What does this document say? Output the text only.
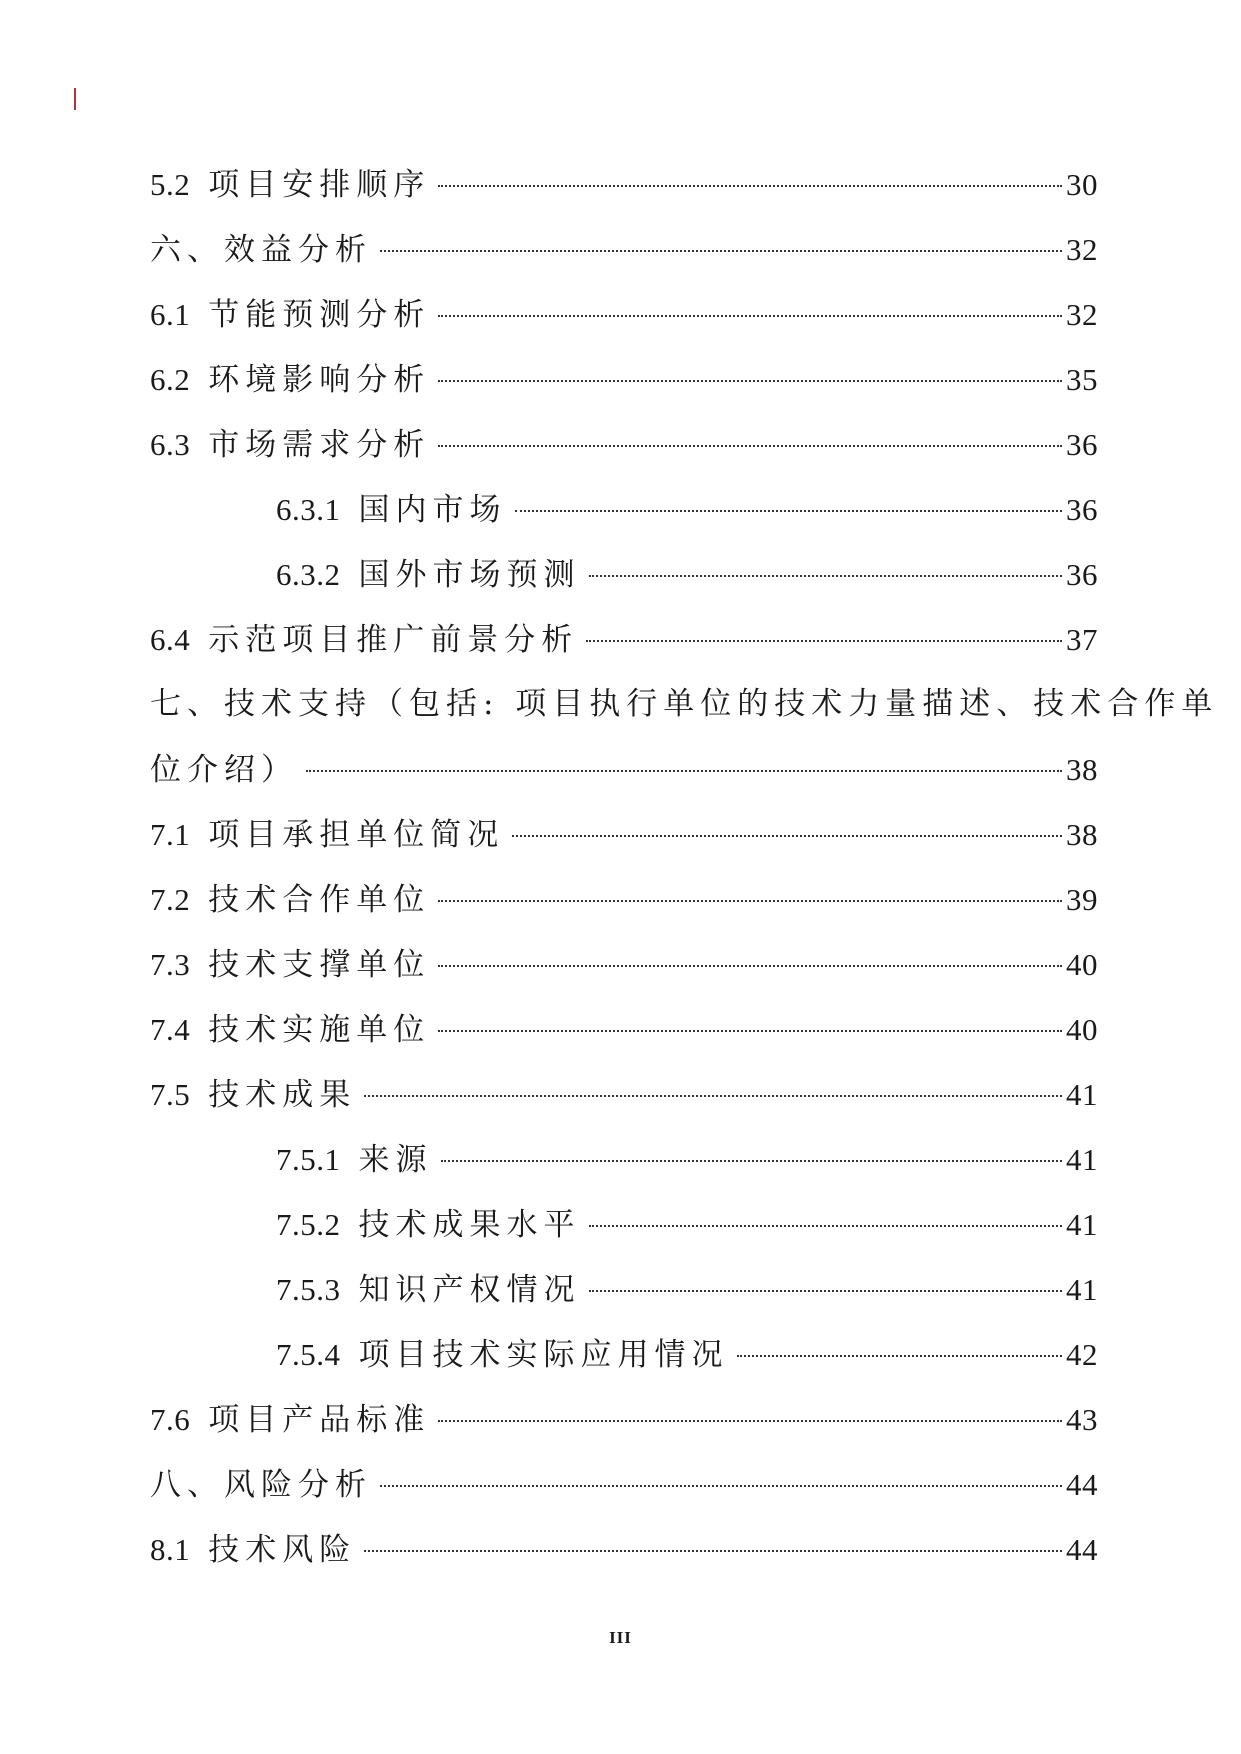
5.2 项目安排顺序	30
六、效益分析	32
6.1 节能预测分析	32
6.2 环境影响分析	35
6.3 市场需求分析	36
6.3.1 国内市场	36
6.3.2 国外市场预测	36
6.4 示范项目推广前景分析	37
七、技术支持（包括: 项目执行单位的技术力量描述、技术合作单
位介绍）	38
7.1 项目承担单位简况	38
7.2 技术合作单位	39
7.3 技术支撑单位	40
7.4 技术实施单位	40
7.5 技术成果	41
7.5.1 来源	41
7.5.2 技术成果水平	41
7.5.3 知识产权情况	41
7.5.4 项目技术实际应用情况	42
7.6 项目产品标准	43
八、风险分析	44
8.1 技术风险	44
III
